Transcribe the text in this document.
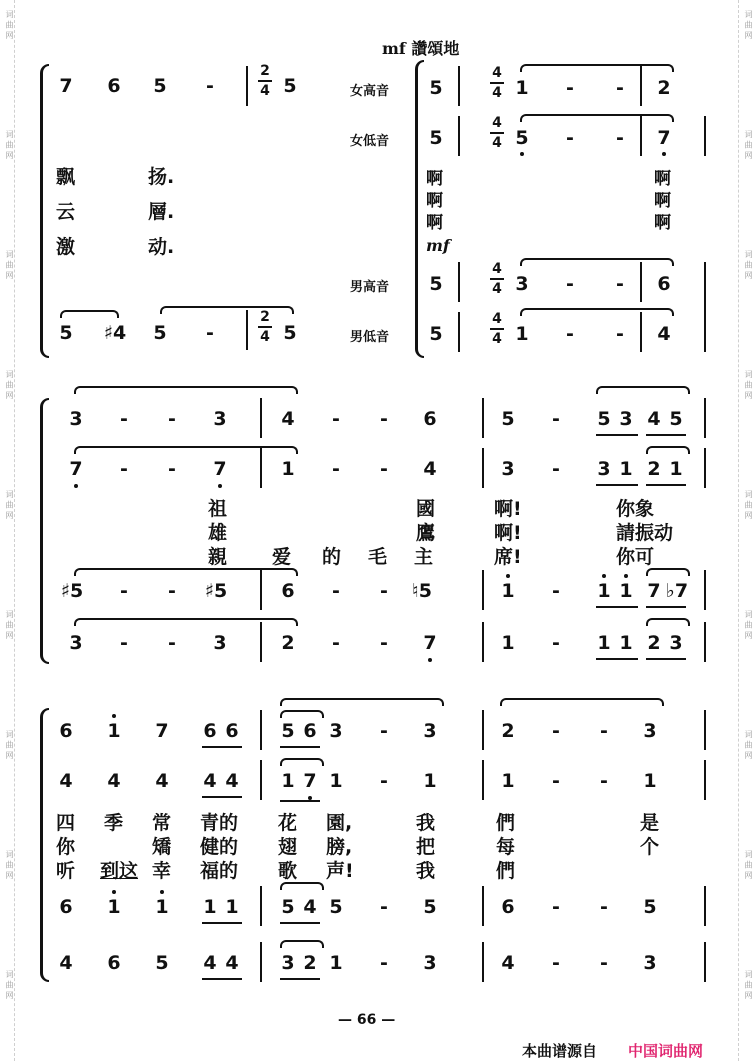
词 曲 网
词 曲 网
词 曲 网
词 曲 网
词 曲 网
词 曲 网
词 曲 网
词 曲 网
词 曲 网
词 曲 网
词 曲 网
词 曲 网
词 曲 网
词 曲 网
词 曲 网
词 曲 网
词 曲 网
词 曲 网
mf 讚頌地
7 6 5 -
2
4 5
飘	扬.
云	層.
激	动.
5 ♯4 5 -
2
4 5
女高音
女低音
男高音
男低音
5
4
4 1 - - 2
5
4
4 5 - - 7
啊
啊
啊
啊
啊
啊
mf
5
4
4 3 - - 6
5
4
4 1 - - 4
3 - - 3	4 - - 6	5 - 5 3 4 5
7 - - 7	1 - - 4	3 - 3 1 2 1
祖	國	啊!	你象
雄	鷹	啊!	請振动
親 爱 的 毛 主	席!	你可
♯5 - - ♯5	6 - - ♮5	1 - 1 1 7 ♭7
3 - - 3	2 - - 7	1 - 1 1 2 3
6 1 7 6 6 5 6 3 - 3	2 - - 3
4 4 4 4 4 1 7 1 - 1	1 - - 1
四 季 常 青的 花 園,	我	們	是
你	矯 健的 翅 膀,	把	每	个
听 到这 幸 福的 歌 声!	我	們
6 1 1 1 1 5 4 5 - 5	6 - - 5
4 6 5 4 4 3 2 1 - 3	4 - - 3
— 66 —
本曲谱源自 中国词曲网
